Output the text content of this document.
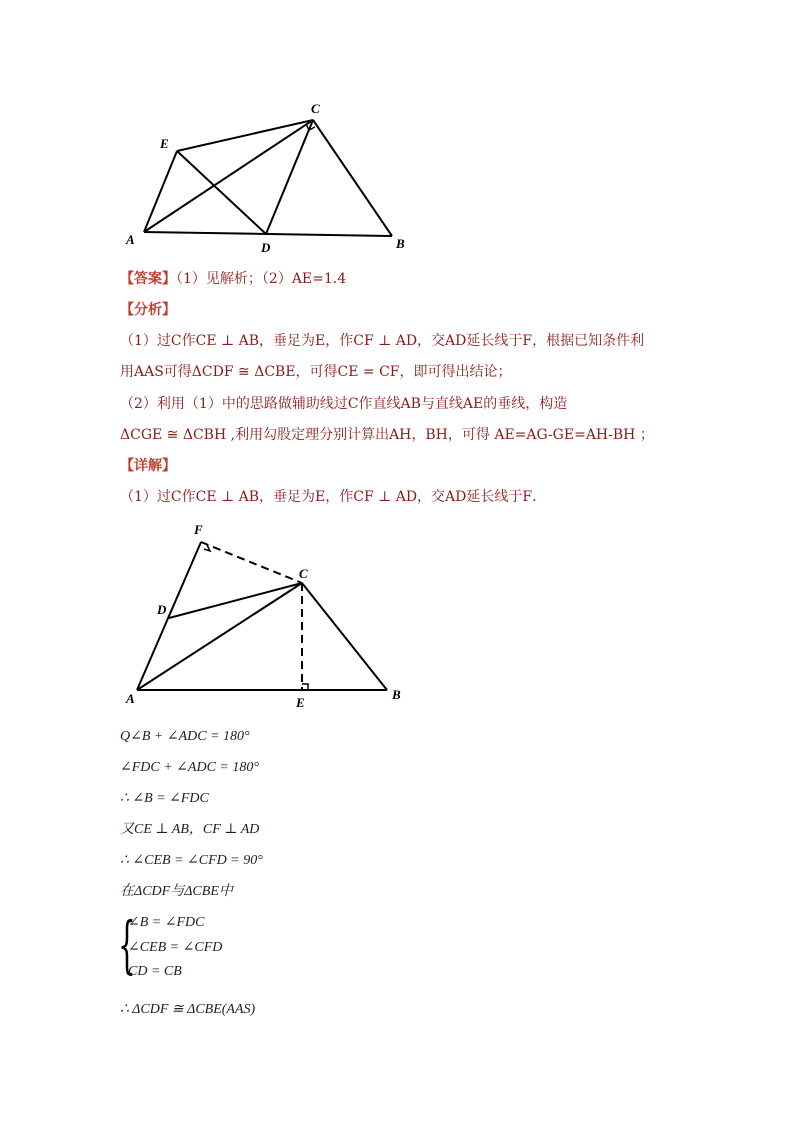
A	B
C
D
E
【答案】（1）见解析；（2）AE=1.4
【分析】
（1）过C作CE ⊥ AB，垂足为E，作CF ⊥ AD，交AD延长线于F，根据已知条件利
用AAS可得ΔCDF ≅ ΔCBE，可得CE = CF，即可得出结论；
（2）利用（1）中的思路做辅助线过C作直线AB与直线AE的垂线，构造
ΔCGE ≅ ΔCBH ,利用勾股定理分别计算出AH，BH，可得 AE=AG-GE=AH-BH ；
【详解】
（1）过C作CE ⊥ AB，垂足为E，作CF ⊥ AD，交AD延长线于F．
A	B
C
D
E
F
Q∠B + ∠ADC = 180°
∠FDC + ∠ADC = 180°
∴ ∠B = ∠FDC
又CE ⊥ AB，CF ⊥ AD
∴ ∠CEB = ∠CFD = 90°
在ΔCDF与ΔCBE中
{
∠B = ∠FDC
∠CEB = ∠CFD
CD = CB
∴ ΔCDF ≅ ΔCBE(AAS)
